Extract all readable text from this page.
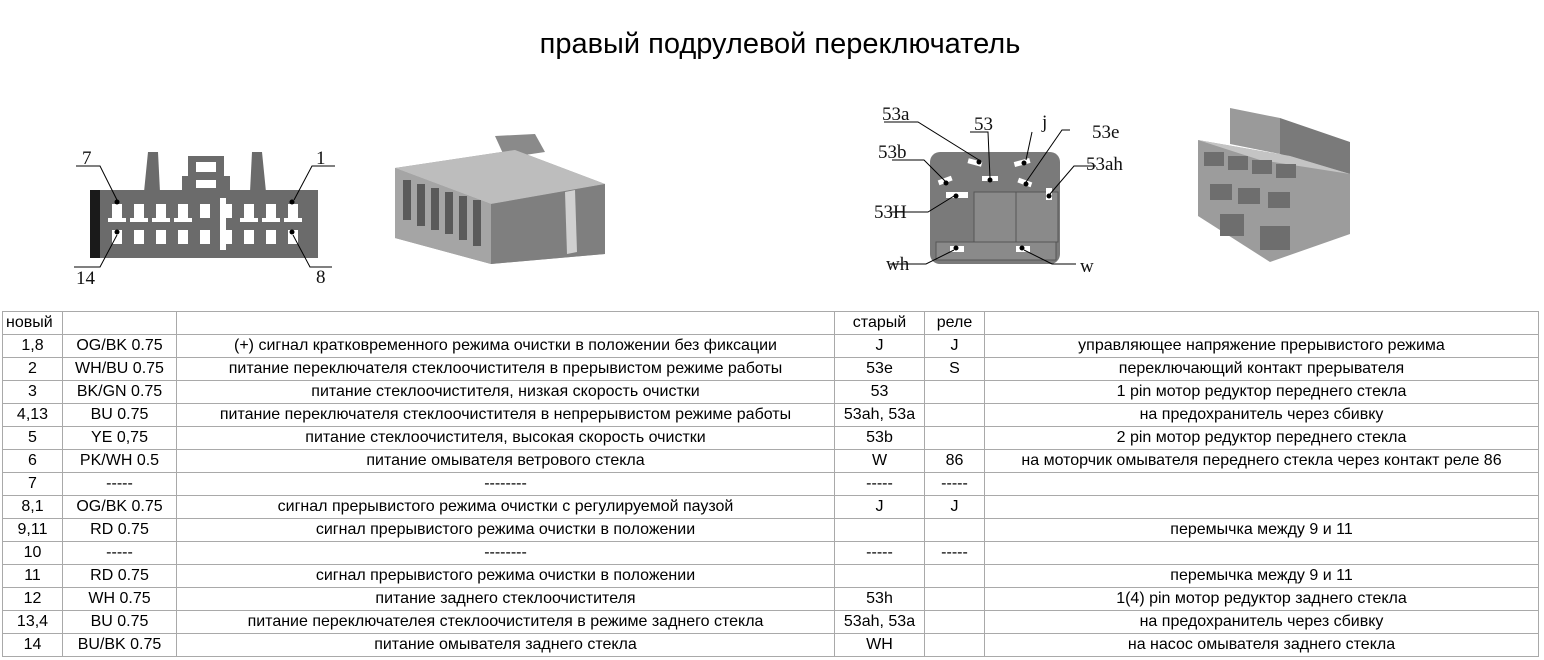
правый подрулевой переключатель
7	1
14	8
53a	53	j 53e
53b
53ah
53H
wh	w
новый			старый	реле	
1,8	OG/BK 0.75	(+) сигнал кратковременного режима очистки в положении без фиксации	J	J	управляющее напряжение прерывистого режима
2	WH/BU 0.75	питание переключателя стеклоочистителя в прерывистом режиме работы	53e	S	переключающий контакт прерывателя
3	BK/GN 0.75	питание стеклоочистителя, низкая скорость очистки	53		1 pin мотор редуктор переднего стекла
4,13	BU 0.75	питание переключателя стеклоочистителя в непрерывистом режиме работы	53ah, 53a		на предохранитель через сбивку
5	YE 0,75	питание стеклоочистителя, высокая скорость очистки	53b		2 pin мотор редуктор переднего стекла
6	PK/WH 0.5	питание омывателя ветрового стекла	W	86	на моторчик омывателя переднего стекла через контакт реле 86
7	-----	--------	-----	-----	
8,1	OG/BK 0.75	сигнал прерывистого режима очистки с регулируемой паузой	J	J	
9,11	RD 0.75	сигнал прерывистого режима очистки в положении			перемычка между 9 и 11
10	-----	--------	-----	-----	
11	RD 0.75	сигнал прерывистого режима очистки в положении			перемычка между 9 и 11
12	WH 0.75	питание заднего стеклоочистителя	53h		1(4) pin мотор редуктор заднего стекла
13,4	BU 0.75	питание переключателея стеклоочистителя в режиме заднего стекла	53ah, 53a		на предохранитель через сбивку
14	BU/BK 0.75	питание омывателя заднего стекла	WH		на насос омывателя заднего стекла
